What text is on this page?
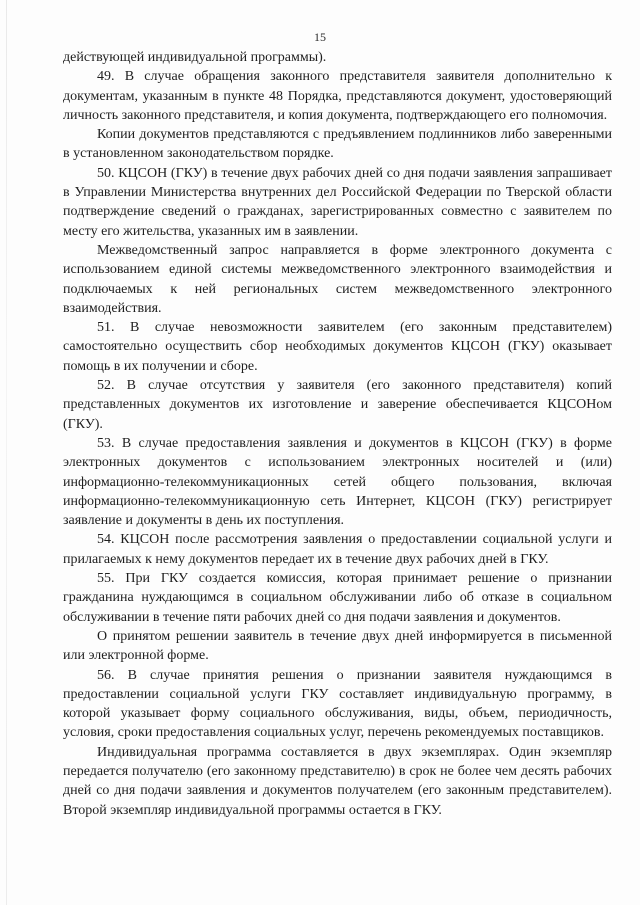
15

действующей индивидуальной программы).

49. В случае обращения законного представителя заявителя дополнительно к документам, указанным в пункте 48 Порядка, представляются документ, удостоверяющий личность законного представителя, и копия документа, подтверждающего его полномочия.

Копии документов представляются с предъявлением подлинников либо заверенными в установленном законодательством порядке.

50. КЦСОН (ГКУ) в течение двух рабочих дней со дня подачи заявления запрашивает в Управлении Министерства внутренних дел Российской Федерации по Тверской области подтверждение сведений о гражданах, зарегистрированных совместно с заявителем по месту его жительства, указанных им в заявлении.

Межведомственный запрос направляется в форме электронного документа с использованием единой системы межведомственного электронного взаимодействия и подключаемых к ней региональных систем межведомственного электронного взаимодействия.

51. В случае невозможности заявителем (его законным представителем) самостоятельно осуществить сбор необходимых документов КЦСОН (ГКУ) оказывает помощь в их получении и сборе.

52. В случае отсутствия у заявителя (его законного представителя) копий представленных документов их изготовление и заверение обеспечивается КЦСОНом (ГКУ).

53. В случае предоставления заявления и документов в КЦСОН (ГКУ) в форме электронных документов с использованием электронных носителей и (или) информационно-телекоммуникационных сетей общего пользования, включая информационно-телекоммуникационную сеть Интернет, КЦСОН (ГКУ) регистрирует заявление и документы в день их поступления.

54. КЦСОН после рассмотрения заявления о предоставлении социальной услуги и прилагаемых к нему документов передает их в течение двух рабочих дней в ГКУ.

55. При ГКУ создается комиссия, которая принимает решение о признании гражданина нуждающимся в социальном обслуживании либо об отказе в социальном обслуживании в течение пяти рабочих дней со дня подачи заявления и документов.

О принятом решении заявитель в течение двух дней информируется в письменной или электронной форме.

56. В случае принятия решения о признании заявителя нуждающимся в предоставлении социальной услуги ГКУ составляет индивидуальную программу, в которой указывает форму социального обслуживания, виды, объем, периодичность, условия, сроки предоставления социальных услуг, перечень рекомендуемых поставщиков.

Индивидуальная программа составляется в двух экземплярах. Один экземпляр передается получателю (его законному представителю) в срок не более чем десять рабочих дней со дня подачи заявления и документов получателем (его законным представителем). Второй экземпляр индивидуальной программы остается в ГКУ.
